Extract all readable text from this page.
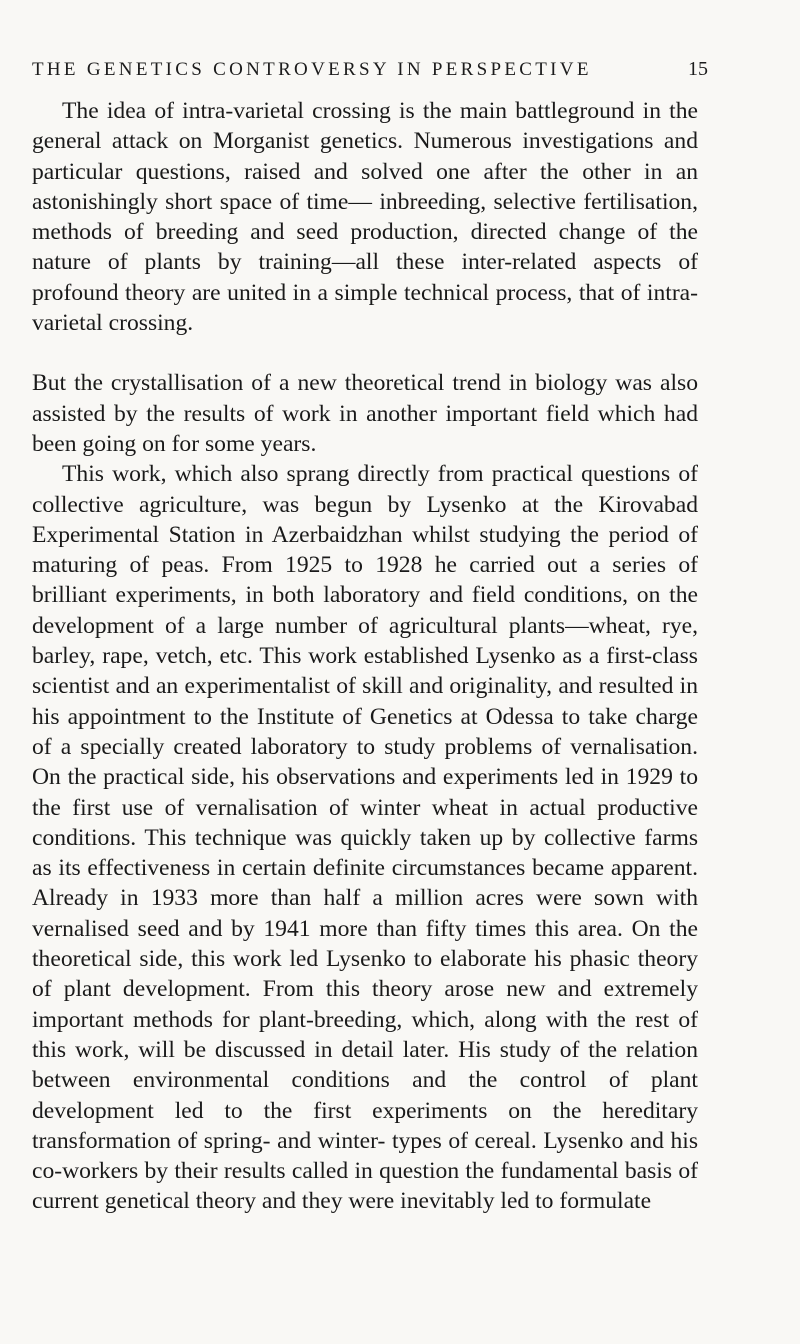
THE GENETICS CONTROVERSY IN PERSPECTIVE	15

The idea of intra-varietal crossing is the main battleground in the general attack on Morganist genetics. Numerous investigations and particular questions, raised and solved one after the other in an astonishingly short space of time— inbreeding, selective fertilisation, methods of breeding and seed production, directed change of the nature of plants by training—all these inter-related aspects of profound theory are united in a simple technical process, that of intra-varietal crossing.

But the crystallisation of a new theoretical trend in biology was also assisted by the results of work in another important field which had been going on for some years.

This work, which also sprang directly from practical questions of collective agriculture, was begun by Lysenko at the Kirovabad Experimental Station in Azerbaidzhan whilst studying the period of maturing of peas. From 1925 to 1928 he carried out a series of brilliant experiments, in both laboratory and field conditions, on the development of a large number of agricultural plants—wheat, rye, barley, rape, vetch, etc. This work established Lysenko as a first-class scientist and an experimentalist of skill and originality, and resulted in his appointment to the Institute of Genetics at Odessa to take charge of a specially created laboratory to study problems of vernalisation. On the practical side, his observations and experiments led in 1929 to the first use of vernalisation of winter wheat in actual productive conditions. This technique was quickly taken up by collective farms as its effectiveness in certain definite circumstances became apparent. Already in 1933 more than half a million acres were sown with vernalised seed and by 1941 more than fifty times this area. On the theoretical side, this work led Lysenko to elaborate his phasic theory of plant development. From this theory arose new and extremely important methods for plant-breeding, which, along with the rest of this work, will be discussed in detail later. His study of the relation between environmental conditions and the control of plant development led to the first experiments on the hereditary transformation of spring- and winter- types of cereal. Lysenko and his co-workers by their results called in question the fundamental basis of current genetical theory and they were inevitably led to formulate
